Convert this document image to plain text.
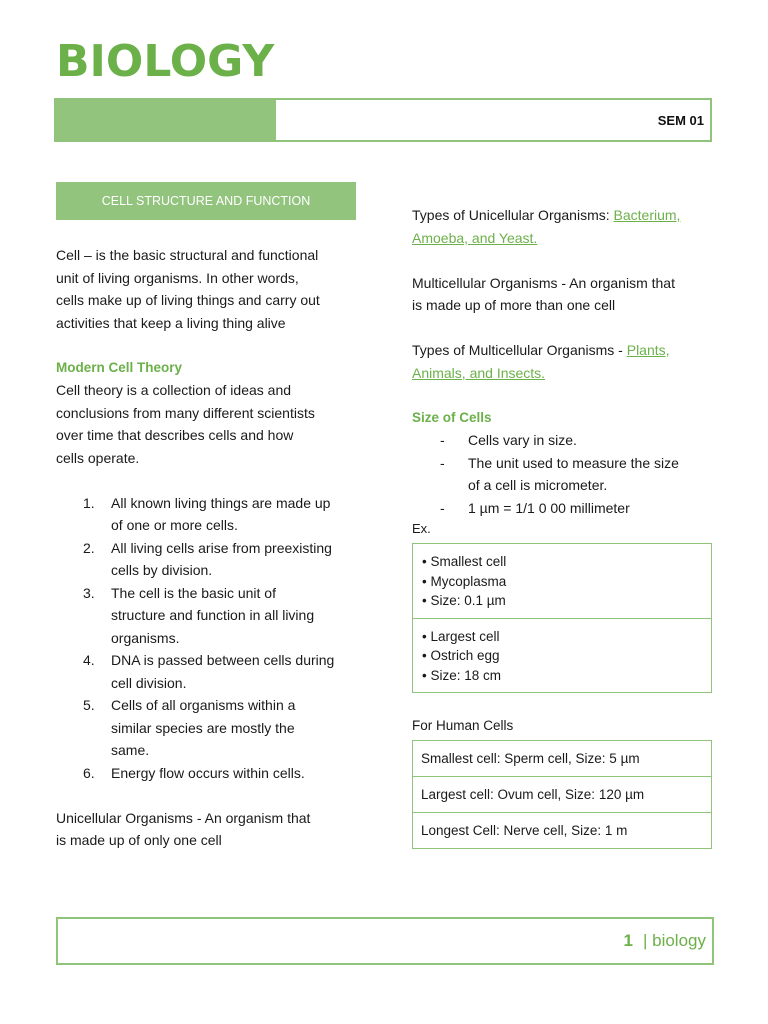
BIOLOGY
SEM 01
CELL STRUCTURE AND FUNCTION

Cell – is the basic structural and functional

unit of living organisms. In other words,

cells make up of living things and carry out

activities that keep a living thing alive

Modern Cell Theory

Cell theory is a collection of ideas and

conclusions from many different scientists

over time that describes cells and how

cells operate.

1. All known living things are made up
of one or more cells.
2. All living cells arise from preexisting
cells by division.
3. The cell is the basic unit of
structure and function in all living
organisms.
4. DNA is passed between cells during
cell division.
5. Cells of all organisms within a
similar species are mostly the
same.
6. Energy flow occurs within cells.

Unicellular Organisms - An organism that

is made up of only one cell

Types of Unicellular Organisms: Bacterium,

Amoeba, and Yeast.

Multicellular Organisms - An organism that

is made up of more than one cell

Types of Multicellular Organisms - Plants,

Animals, and Insects.

Size of Cells

- Cells vary in size.
- The unit used to measure the size
of a cell is micrometer.
- 1 µm = 1/1 0 00 millimeter

Ex.

• Smallest cell
• Mycoplasma
• Size: 0.1 µm
• Largest cell
• Ostrich egg
• Size: 18 cm

For Human Cells

Smallest cell: Sperm cell, Size: 5 µm
Largest cell: Ovum cell, Size: 120 µm
Longest Cell: Nerve cell, Size: 1 m
1 | biology
